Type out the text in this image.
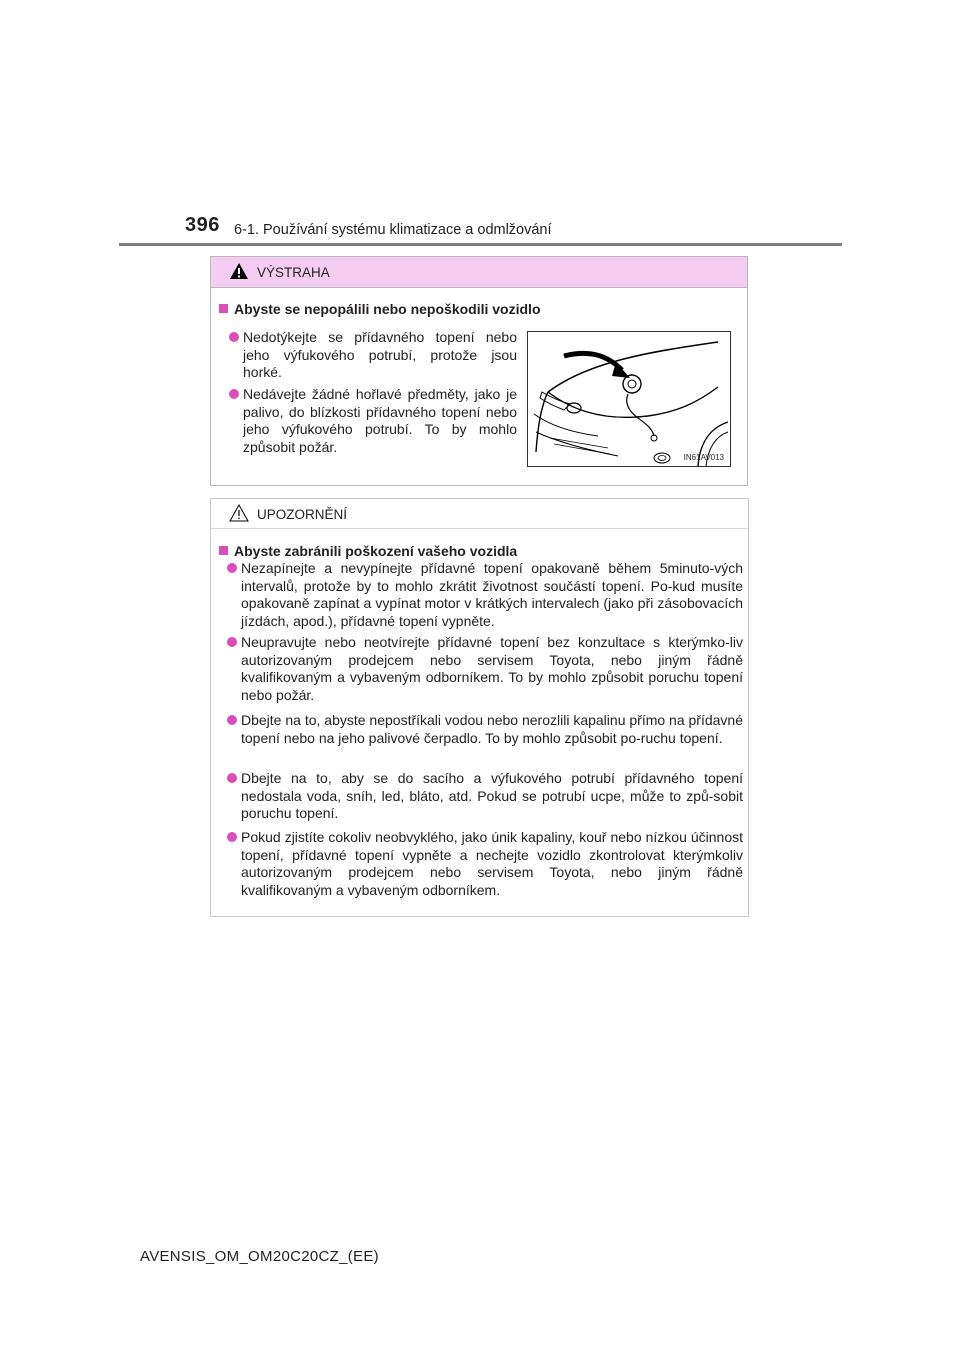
396 6-1. Používání systému klimatizace a odmlžování
VÝSTRAHA
Abyste se nepopálili nebo nepoškodili vozidlo
Nedotýkejte se přídavného topení nebo jeho výfukového potrubí, protože jsou horké.
Nedávejte žádné hořlavé předměty, jako je palivo, do blízkosti přídavného topení nebo jeho výfukového potrubí. To by mohlo způsobit požár.
IN61AV013
UPOZORNĚNÍ
Abyste zabránili poškození vašeho vozidla
Nezapínejte a nevypínejte přídavné topení opakovaně během 5minuto-vých intervalů, protože by to mohlo zkrátit životnost součástí topení. Po-kud musíte opakovaně zapínat a vypínat motor v krátkých intervalech (jako při zásobovacích jízdách, apod.), přídavné topení vypněte.
Neupravujte nebo neotvírejte přídavné topení bez konzultace s kterýmko-liv autorizovaným prodejcem nebo servisem Toyota, nebo jiným řádně kvalifikovaným a vybaveným odborníkem. To by mohlo způsobit poruchu topení nebo požár.
Dbejte na to, abyste nepostříkali vodou nebo nerozlili kapalinu přímo na přídavné topení nebo na jeho palivové čerpadlo. To by mohlo způsobit po-ruchu topení.
Dbejte na to, aby se do sacího a výfukového potrubí přídavného topení nedostala voda, sníh, led, bláto, atd. Pokud se potrubí ucpe, může to způ-sobit poruchu topení.
Pokud zjistíte cokoliv neobvyklého, jako únik kapaliny, kouř nebo nízkou účinnost topení, přídavné topení vypněte a nechejte vozidlo zkontrolovat kterýmkoliv autorizovaným prodejcem nebo servisem Toyota, nebo jiným řádně kvalifikovaným a vybaveným odborníkem.
AVENSIS_OM_OM20C20CZ_(EE)
